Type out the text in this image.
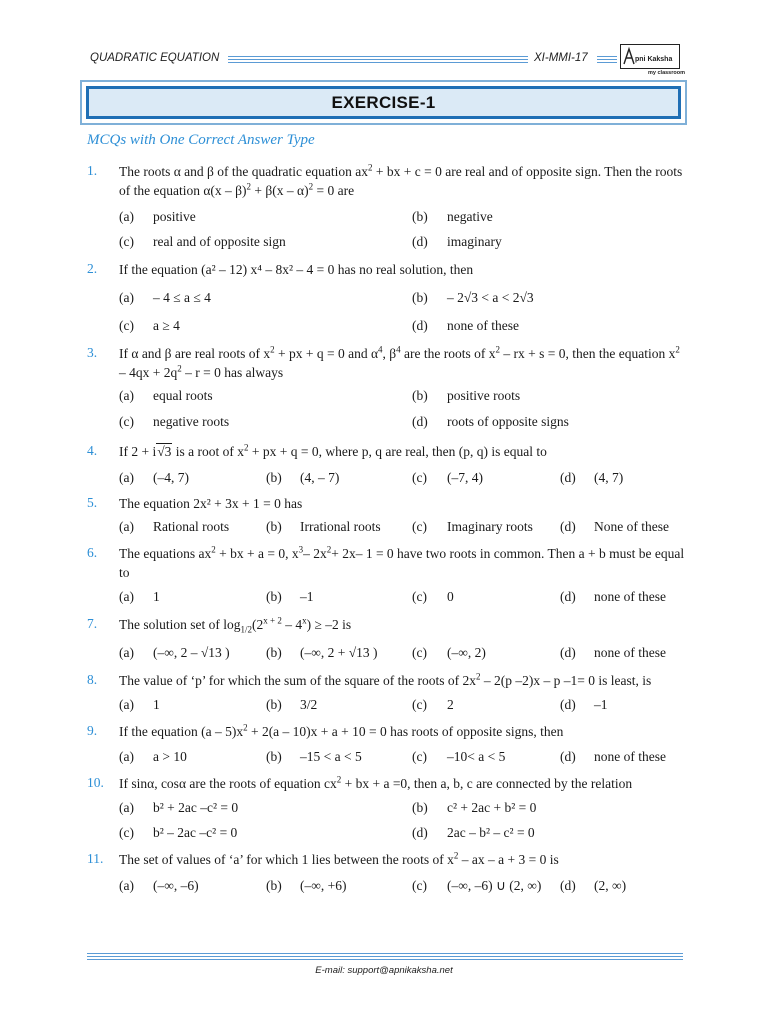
QUADRATIC EQUATION	XI-MMI-17	pni Kaksha
my classroom
EXERCISE-1
MCQs with One Correct Answer Type
1. The roots α and β of the quadratic equation $ax^2$ + bx + c = 0 are real and of opposite sign. Then the roots of the equation α(x – β)$^2$ + β(x – α)$^2$ = 0 are
(a) positive	(b) negative
(c) real and of opposite sign	(d) imaginary
2. If the equation (a² – 12) x⁴ – 8x² – 4 = 0 has no real solution, then
(a) – 4 ≤ a ≤ 4	(b) – 2√3 < a < 2√3
(c) a ≥ 4	(d) none of these
3. If α and β are real roots of $x^2$ + px + q = 0 and $\alpha^4$, $\beta^4$ are the roots of $x^2$ – rx + s = 0, then the equation $x^2 - 4qx + 2q^2 - r = 0$ has always
(a) equal roots	(b) positive roots
(c) negative roots	(d) roots of opposite signs
4. If 2 + i√3 is a root of $x^2$ + px + q = 0, where p, q are real, then (p, q) is equal to
(a) (–4, 7)	(b) (4, – 7)	(c) (–7, 4)	(d) (4, 7)
5. The equation 2x² + 3x + 1 = 0 has
(a) Rational roots	(b) Irrational roots (c) Imaginary roots (d) None of these
6. The equations $ax^2$ + bx + a = 0, $x^3-$ $2x^2+ 2x-$ 1 = 0 have two roots in common. Then a + b must be equal to
(a) 1	(b) –1	(c) 0	(d) none of these
7. The solution set of $\log_{1/2}(2^{x + 2} - 4^x) \ge -2$ is
(a) (–∞, 2 – √13 )	(b) (–∞, 2 + √13 )	(c) (–∞, 2)	(d) none of these
8. The value of ‘p’ for which the sum of the square of the roots of $2x^2 - 2(p$ –2)x – p –1= 0 is least, is
(a) 1	(b) 3/2	(c) 2	(d) –1
9. If the equation $(a - 5)x^2 + 2(a - 10)x + a + 10 = 0$ has roots of opposite signs, then
(a) a > 10	(b) –15 < a < 5	(c) –10< a < 5	(d) none of these
10. If sinα, cosα are the roots of equation $cx^2$ + bx + a =0, then a, b, c are connected by the relation
(a) b² + 2ac –c² = 0	(b) c² + 2ac + b² = 0
(c) b² – 2ac –c² = 0	(d) 2ac – b² – c² = 0
11. The set of values of ‘a’ for which 1 lies between the roots of $x^2$ – ax – a + 3 = 0 is
(a) (–∞, –6)	(b) (–∞, +6)	(c) (–∞, –6) ∪ (2, ∞) (d) (2, ∞)
E-mail: support@apnikaksha.net
